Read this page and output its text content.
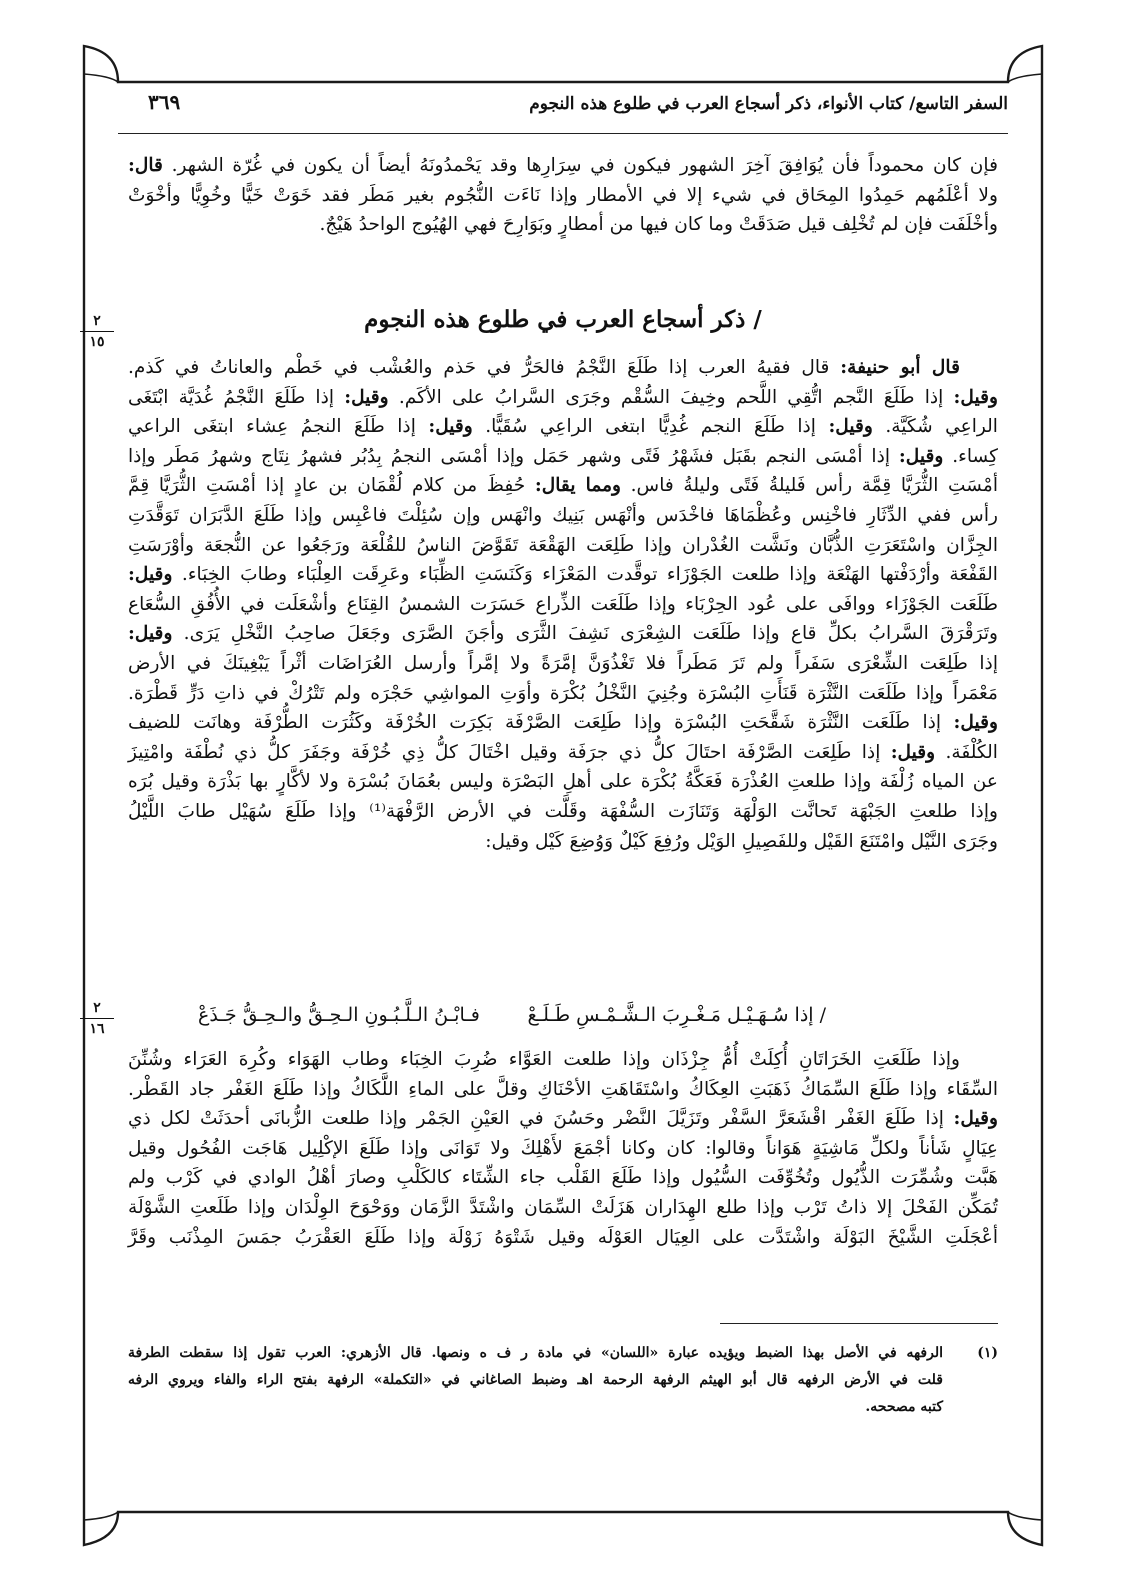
السفر التاسع/ كتاب الأنواء، ذكر أسجاع العرب في طلوع هذه النجوم
٣٦٩
فإن كان محموداً فأن يُوَافِقَ آخِرَ الشهور فيكون في سِرَارِها وقد يَحْمدُونَهُ أيضاً أن يكون في غُرّة الشهر. قال:
ولا أعْلَمُهم حَمِدُوا المِحَاق في شيء إلا في الأمطار وإذا نَاءَت النُّجُوم بغير مَطَر فقد خَوَتْ خَيًّا وخُوِيًّا وأخْوَتْ
وأخْلَفَت فإن لم تُخْلِف قيل صَدَقَتْ وما كان فيها من أمطارٍ وبَوَارِحَ فهي الهُيُوج الواحدُ هَيْجٌ.
٢
١٥
/ ذكر أسجاع العرب في طلوع هذه النجوم
قال أبو حنيفة: قال فقيهُ العرب إذا طَلَعَ النَّجْمُ فالحَرُّ في حَذم والعُشْب في خَطْم والعاناتُ في كَذم.
وقيل: إذا طَلَعَ النَّجم اتُّقِي اللَّحم وخِيفَ السُّقْم وجَرَى السَّرابُ على الأكَم. وقيل: إذا طَلَعَ النَّجْمُ غُدَيَّة ابْتَغَى
الراعِي شُكَيَّة. وقيل: إذا طَلَعَ النجم غُدِيًّا ابتغى الراعِي سُقَيًّا. وقيل: إذا طَلَعَ النجمُ عِشاء ابتغَى الراعي
كِساء. وقيل: إذا أمْسَى النجم بقَبَل فشَهْرُ فَتًى وشهر حَمَل وإذا أمْسَى النجمُ بِدُبُر فشهرُ نِتَاج وشهرُ مَطَر وإذا
أمْسَتِ الثُّرَيَّا قِمَّة رأس فَليلةُ فَتًى وليلةُ فاس. ومما يقال: حُفِظَ من كلام لُقْمَان بن عادٍ إذا أمْسَتِ الثُّرَيَّا قِمَّ
رأس ففي الدِّثَارِ فاخْنِس وعُظْمَاهَا فاخْدَس وأنْهَس بَنِيك وانْهَس وإن سُئِلْتَ فاعْبِس وإذا طَلَعَ الدَّبَرَان تَوَقَّدَتِ
الجِزَّان واسْتَعَرَتِ الذُّبَّان ونَشَّت الغُدْران وإذا طَلِعَت الهَقْعَة تَقَوَّضَ الناسُ للقُلْعَة ورَجَعُوا عن النُّجعَة وأوْرَسَتِ
القَفْعَة وأرْدَفْتها الهَنْعَة وإذا طلعت الجَوْزَاء توقَّدت المَعْزَاء وَكَنَسَتِ الظِّبَاء وعَرِقَت العِلْبَاء وطابَ الخِبَاء. وقيل:
طَلَعَت الجَوْزَاء ووافَى على عُود الحِرْبَاء وإذا طَلَعَت الذِّراع حَسَرَت الشمسُ القِنَاع وأشْعَلَت في الأُفُقِ السُّعَاع
وتَرَقْرَقَ السَّرابُ بكلِّ قاع وإذا طَلَعَت الشِعْرَى نَشِفَ الثَّرَى وأجَنَ الصَّرَى وجَعَلَ صاحِبُ النَّخْلِ يَرَى. وقيل:
إذا طَلِعَت الشِّعْرَى سَفَراً ولم تَرَ مَطَراً فلا تَغْذُوَنَّ إمَّرَةً ولا إمَّراً وأرسل العُرَاضَات أثْراً يَبْغِينَكَ في الأرض
مَعْمَراً وإذا طَلَعَت النَّثْرَة قَنَأَتِ البُسْرَة وجُنِيَ النَّخْلُ بُكْرَة وأوَتِ المواشِي حَجْرَه ولم تَتْرُكْ في ذاتِ دَرٍّ قَطْرَة.
وقيل: إذا طَلَعَت النَّثْرَة شَقَّحَتِ البُسْرَة وإذا طَلِعَت الصَّرْفَة بَكِرَت الخُرْفَة وكَثُرَت الطُّرْفَة وهانَت للضيف
الكُلْفَة. وقيل: إذا طَلِعَت الصَّرْفَة احتَالَ كلُّ ذي جرَفَة وقيل اخْتَالَ كلُّ ذِي خُرْفَة وجَفَرَ كلُّ ذي نُطْفَة وامْتِيزَ
عن المياه زُلْفَة وإذا طلعتِ العُذْرَة فَعَكَّةُ بُكْرَة على أهلِ البَصْرَة وليس بعُمَانَ بُسْرَة ولا لأكَّارٍ بها بَذْرَة وقيل بُرَه
وإذا طلعتِ الجَبْهَة تَحانَّت الوَلْهَة وَتَنَازَت السُّفْهَة وقَلَّت في الأرض الرَّفْهَة⁽¹⁾ وإذا طَلَعَ سُهَيْل طابَ اللَّيْلُ
وجَرَى النَّيْل وامْتَنَعَ القَيْل وللفَصِيلِ الوَيْل ورُفِعَ كَيْلٌ وَوُضِعَ كَيْل وقيل:
/ إذا سُـهَـيْـل مَـغْـرِبَ الـشَّـمْـسِ طَـلَـعْ
فـابْـنُ الـلَّـبُـونِ الـحِـقُّ والـحِـقُّ جَـذَعْ
٢
١٦
وإذا طَلَعَتِ الخَرَاتَانِ أُكِلَتْ أُمُّ جِزْذَان وإذا طلعت العَوَّاء ضُرِبَ الخِبَاء وطاب الهَوَاء وكُرِهَ العَرَاء وشُنِّنَ
السِّقَاء وإذا طَلَعَ السِّمَاكُ ذَهَبَتِ العِكَاكُ واسْتَقَاهَتِ الأحْنَاكِ وقلَّ على الماءِ اللَّكَاكُ وإذا طَلَعَ الغَفْر جاد القَطْر.
وقيل: إذا طَلَعَ الغَفْر اقْشَعَرَّ السَّفْر وتَزَيَّلَ النَّضْر وحَسُنَ في العَيْنِ الجَمْر وإذا طلعت الزُّبانَى أحدَثَتْ لكل ذي
عِيَالٍ شَأناً ولكلِّ مَاشِيَةٍ هَوَاناً وقالوا: كان وكانا أجْمَعَ لأَهْلِكَ ولا تَوَانَى وإذا طَلَعَ الإكْلِيل هَاجَت الفُحُول وقيل
هَبَّت وشُمِّرَت الذُّيُول وتُخُوِّفَت السُّيُول وإذا طَلَعَ القَلْب جاء الشِّتَاء كالكَلْبِ وصارَ أهْلُ الوادي في كَرْب ولم
تُمَكِّن الفَحْلَ إلا ذاتُ تَرْب وإذا طلع الهِدَاران هَزَلَتْ السِّمَان واشْتَدَّ الزَّمَان ووَحْوَحَ الوِلْدَان وإذا طَلَعتِ الشَّوْلَة
أعْجَلَتِ الشَّيْخَ البَوْلَة واشْتَدَّت على العِيَال العَوْلَه وقيل شَتْوَهُ زَوْلَة وإذا طَلَعَ العَقْرَبُ جمَسَ المِذْنَب وقَرَّ
(١)
الرفهه في الأصل بهذا الضبط ويؤيده عبارة «اللسان» في مادة ر ف ه ونصها. قال الأزهري: العرب تقول إذا سقطت الطرفة
قلت في الأرض الرفهه قال أبو الهيثم الرفهة الرحمة اهـ وضبط الصاغاني في «التكملة» الرفهة بفتح الراء والفاء ويروي الرفه
كتبه مصححه.
